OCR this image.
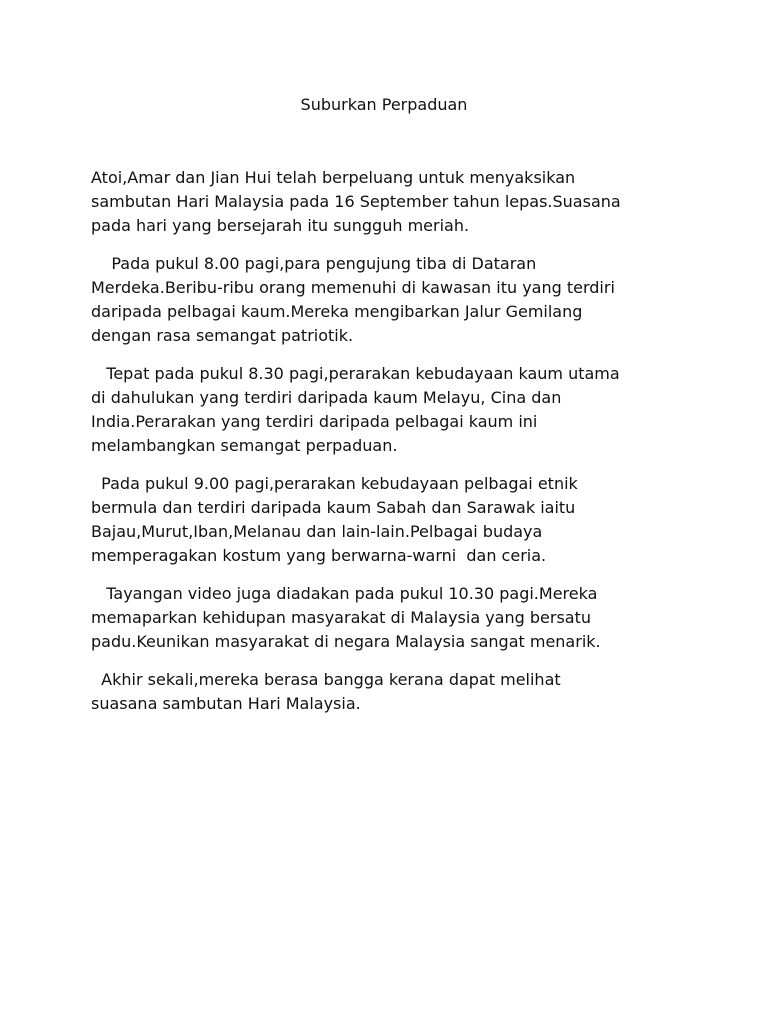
Suburkan Perpaduan

Atoi,Amar dan Jian Hui telah berpeluang untuk menyaksikan
sambutan Hari Malaysia pada 16 September tahun lepas.Suasana
pada hari yang bersejarah itu sungguh meriah.

Pada pukul 8.00 pagi,para pengujung tiba di Dataran
Merdeka.Beribu-ribu orang memenuhi di kawasan itu yang terdiri
daripada pelbagai kaum.Mereka mengibarkan Jalur Gemilang
dengan rasa semangat patriotik.

Tepat pada pukul 8.30 pagi,perarakan kebudayaan kaum utama
di dahulukan yang terdiri daripada kaum Melayu, Cina dan
India.Perarakan yang terdiri daripada pelbagai kaum ini
melambangkan semangat perpaduan.

Pada pukul 9.00 pagi,perarakan kebudayaan pelbagai etnik
bermula dan terdiri daripada kaum Sabah dan Sarawak iaitu
Bajau,Murut,Iban,Melanau dan lain-lain.Pelbagai budaya
memperagakan kostum yang berwarna-warni  dan ceria.

Tayangan video juga diadakan pada pukul 10.30 pagi.Mereka
memaparkan kehidupan masyarakat di Malaysia yang bersatu
padu.Keunikan masyarakat di negara Malaysia sangat menarik.

Akhir sekali,mereka berasa bangga kerana dapat melihat
suasana sambutan Hari Malaysia.
